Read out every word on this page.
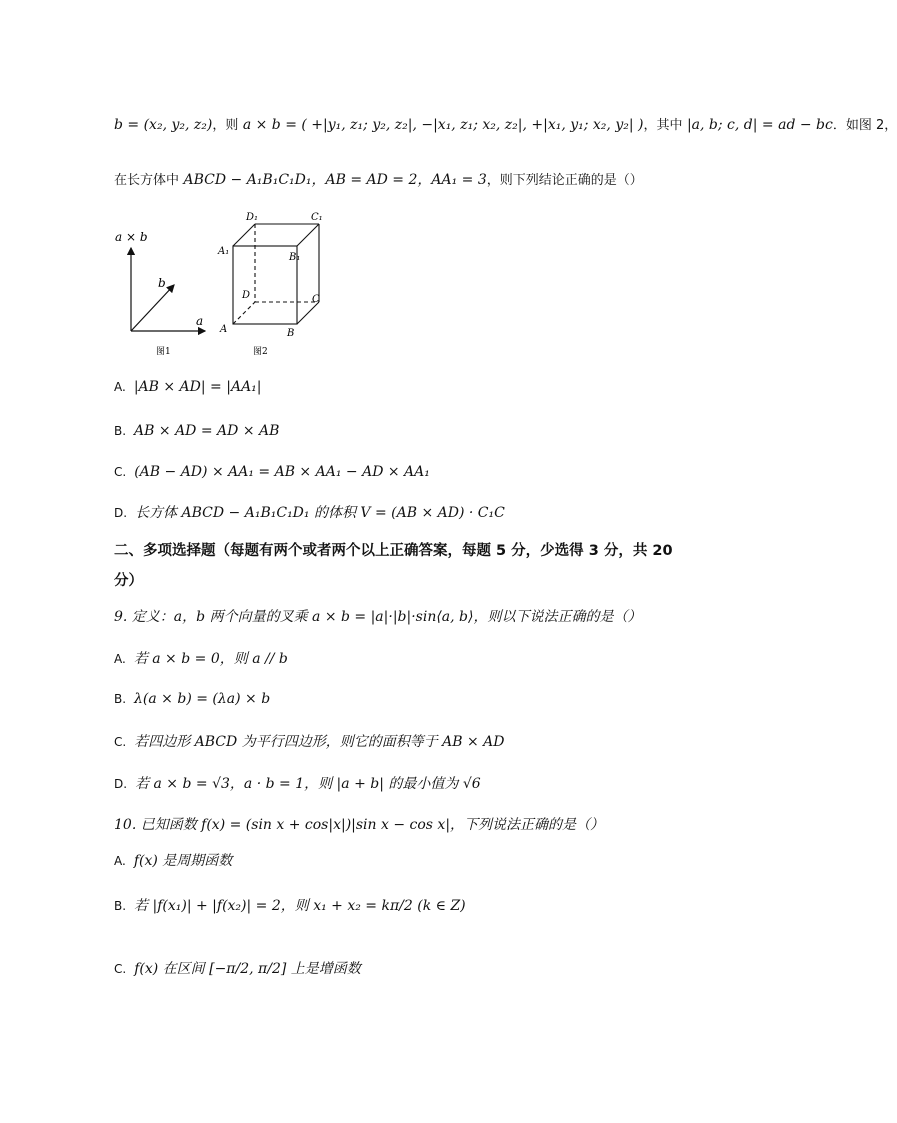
b = (x₂, y₂, z₂)，则 a × b = ( +|y₁, z₁; y₂, z₂|, −|x₁, z₁; x₂, z₂|, +|x₁, y₁; x₂, y₂| )，其中 |a, b; c, d| = ad − bc．如图 2，
在长方体中 ABCD − A₁B₁C₁D₁，AB = AD = 2，AA₁ = 3，则下列结论正确的是（）
a × b
b
a
图1
D₁	C₁
A₁
B₁
D	C
A	B
图2
A. |AB × AD| = |AA₁|
B. AB × AD = AD × AB
C. (AB − AD) × AA₁ = AB × AA₁ − AD × AA₁
D. 长方体 ABCD − A₁B₁C₁D₁ 的体积 V = (AB × AD) · C₁C
二、多项选择题（每题有两个或者两个以上正确答案，每题 5 分，少选得 3 分，共 20
分）
9. 定义：a，b 两个向量的叉乘 a × b = |a|·|b|·sin⟨a, b⟩，则以下说法正确的是（）
A. 若 a × b = 0，则 a // b
B. λ(a × b) = (λa) × b
C. 若四边形 ABCD 为平行四边形，则它的面积等于 AB × AD
D. 若 a × b = √3，a · b = 1，则 |a + b| 的最小值为 √6
10. 已知函数 f(x) = (sin x + cos|x|)|sin x − cos x|，下列说法正确的是（）
A. f(x) 是周期函数
B. 若 |f(x₁)| + |f(x₂)| = 2，则 x₁ + x₂ = kπ/2 (k ∈ Z)
C. f(x) 在区间 [−π/2, π/2] 上是增函数
